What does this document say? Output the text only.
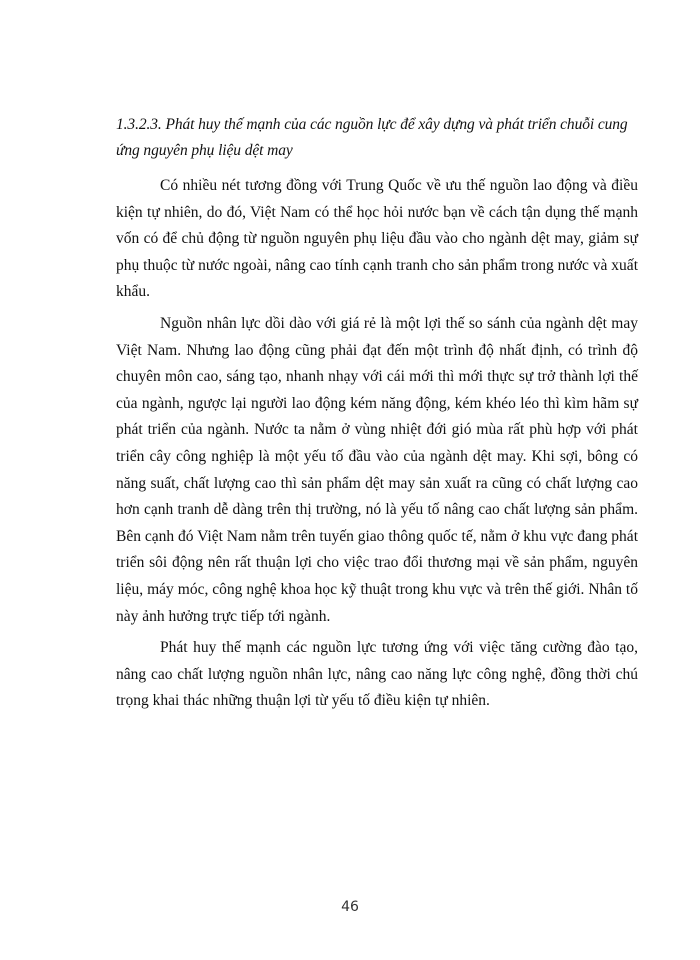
1.3.2.3. Phát huy thế mạnh của các nguồn lực để xây dựng và phát triển chuỗi cung ứng nguyên phụ liệu dệt may

Có nhiều nét tương đồng với Trung Quốc về ưu thế nguồn lao động và điều kiện tự nhiên, do đó, Việt Nam có thể học hỏi nước bạn về cách tận dụng thế mạnh vốn có để chủ động từ nguồn nguyên phụ liệu đầu vào cho ngành dệt may, giảm sự phụ thuộc từ nước ngoài, nâng cao tính cạnh tranh cho sản phẩm trong nước và xuất khẩu.

Nguồn nhân lực dồi dào với giá rẻ là một lợi thế so sánh của ngành dệt may Việt Nam. Nhưng lao động cũng phải đạt đến một trình độ nhất định, có trình độ chuyên môn cao, sáng tạo, nhanh nhạy với cái mới thì mới thực sự trở thành lợi thế của ngành, ngược lại người lao động kém năng động, kém khéo léo thì kìm hãm sự phát triển của ngành. Nước ta nằm ở vùng nhiệt đới gió mùa rất phù hợp với phát triển cây công nghiệp là một yếu tố đầu vào của ngành dệt may. Khi sợi, bông có năng suất, chất lượng cao thì sản phẩm dệt may sản xuất ra cũng có chất lượng cao hơn cạnh tranh dễ dàng trên thị trường, nó là yếu tố nâng cao chất lượng sản phẩm. Bên cạnh đó Việt Nam nằm trên tuyến giao thông quốc tế, nằm ở khu vực đang phát triển sôi động nên rất thuận lợi cho việc trao đổi thương mại về sản phẩm, nguyên liệu, máy móc, công nghệ khoa học kỹ thuật trong khu vực và trên thế giới. Nhân tố này ảnh hưởng trực tiếp tới ngành.

Phát huy thế mạnh các nguồn lực tương ứng với việc tăng cường đào tạo, nâng cao chất lượng nguồn nhân lực, nâng cao năng lực công nghệ, đồng thời chú trọng khai thác những thuận lợi từ yếu tố điều kiện tự nhiên.

46
